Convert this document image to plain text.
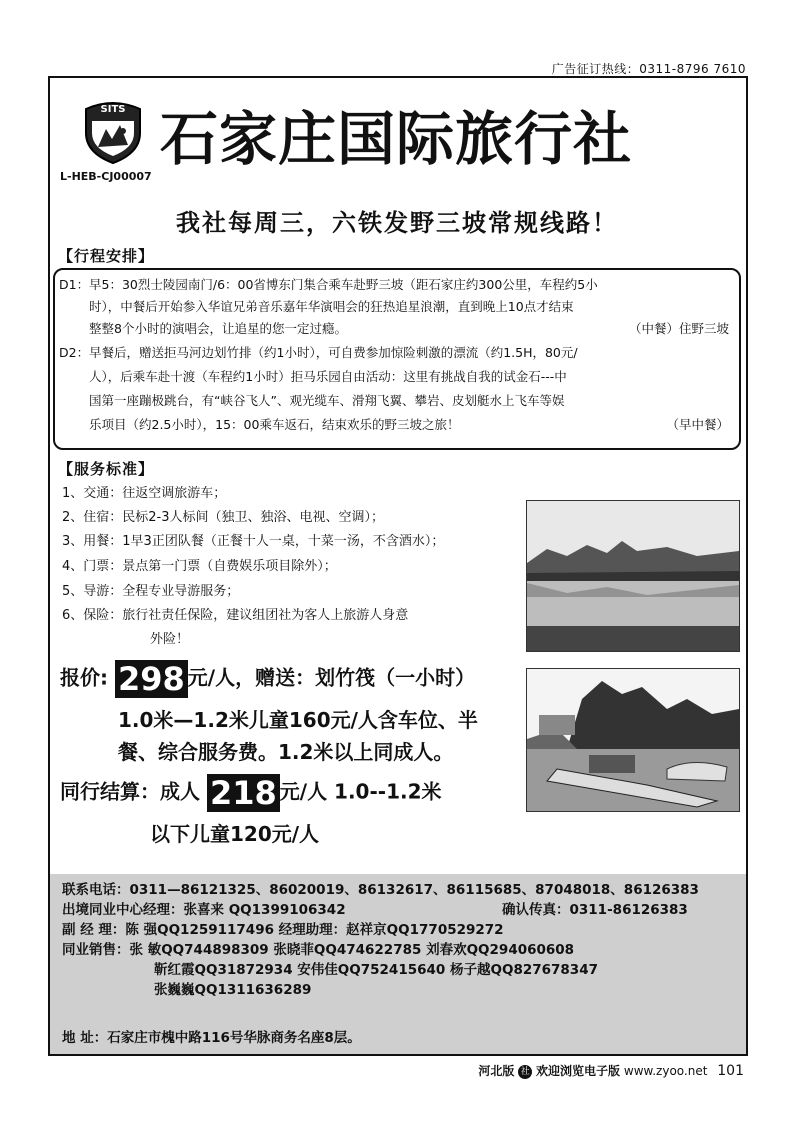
广告征订热线：0311-8796 7610
SITS 石家庄国际旅行社
L-HEB-CJ00007
我社每周三，六铁发野三坡常规线路！
【行程安排】
D1： 早5：30烈士陵园南门/6：00省博东门集合乘车赴野三坡（距石家庄约300公里，车程约5小
时），中餐后开始参入华谊兄弟音乐嘉年华演唱会的狂热追星浪潮，直到晚上10点才结束
整整8个小时的演唱会，让追星的您一定过瘾。	（中餐）住野三坡
D2： 早餐后，赠送拒马河边划竹排（约1小时），可自费参加惊险刺激的漂流（约1.5H，80元/
人），后乘车赴十渡（车程约1小时）拒马乐园自由活动：这里有挑战自我的试金石---中
国第一座蹦极跳台，有“峡谷飞人”、观光缆车、滑翔飞翼、攀岩、皮划艇水上飞车等娱
乐项目（约2.5小时），15：00乘车返石，结束欢乐的野三坡之旅！	（早中餐）
【服务标准】
1、交通：往返空调旅游车；
2、住宿：民标2-3人标间（独卫、独浴、电视、空调）；
3、用餐：1早3正团队餐（正餐十人一桌，十菜一汤，不含酒水）；
4、门票：景点第一门票（自费娱乐项目除外）；
5、导游：全程专业导游服务；
6、保险：旅行社责任保险，建议组团社为客人上旅游人身意
外险！
报价: 298 元/人，赠送：划竹筏（一小时）
1.0米—1.2米儿童160元/人含车位、半
餐、综合服务费。1.2米以上同成人。
同行结算：成人 218 元/人 1.0--1.2米
以下儿童120元/人
联系电话：0311—86121325、86020019、86132617、86115685、87048018、86126383
出境同业中心经理：张喜来 QQ1399106342	确认传真：0311-86126383
副 经 理：陈 强QQ1259117496 经理助理：赵祥京QQ1770529272
同业销售：张 敏QQ744898309 张晓菲QQ474622785 刘春欢QQ294060608
靳红霞QQ31872934 安伟佳QQ752415640 杨子越QQ827678347
张巍巍QQ1311636289
地 址：石家庄市槐中路116号华脉商务名座8层。
河北版 社 欢迎浏览电子版 www.zyoo.net 101
